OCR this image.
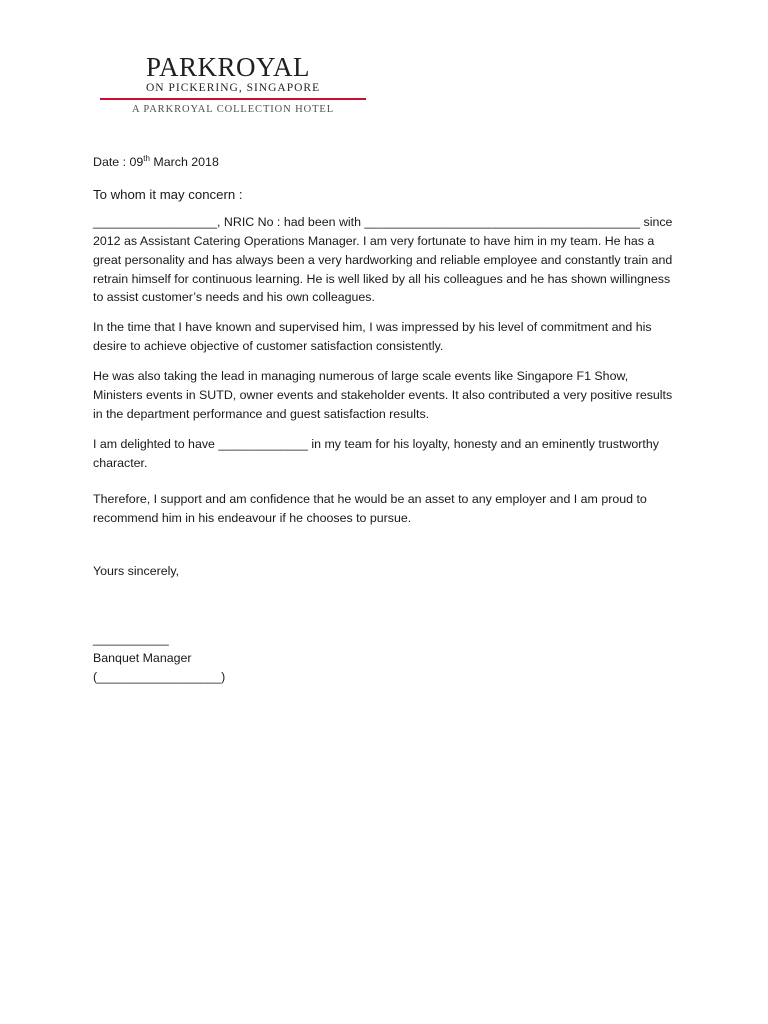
PARKROYAL
ON PICKERING, SINGAPORE
A PARKROYAL COLLECTION HOTEL

Date : 09th March 2018

To whom it may concern :

__________________, NRIC No : had been with ________________________________________ since 2012 as Assistant Catering Operations Manager. I am very fortunate to have him in my team. He has a great personality and has always been a very hardworking and reliable employee and constantly train and retrain himself for continuous learning. He is well liked by all his colleagues and he has shown willingness to assist customer’s needs and his own colleagues.

In the time that I have known and supervised him, I was impressed by his level of commitment and his desire to achieve objective of customer satisfaction consistently.

He was also taking the lead in managing numerous of large scale events like Singapore F1 Show, Ministers events in SUTD, owner events and stakeholder events. It also contributed a very positive results in the department performance and guest satisfaction results.

I am delighted to have _____________ in my team for his loyalty, honesty and an eminently trustworthy character.

Therefore, I support and am confidence that he would be an asset to any employer and I am proud to recommend him in his endeavour if he chooses to pursue.

Yours sincerely,

___________

Banquet Manager

(__________________)
